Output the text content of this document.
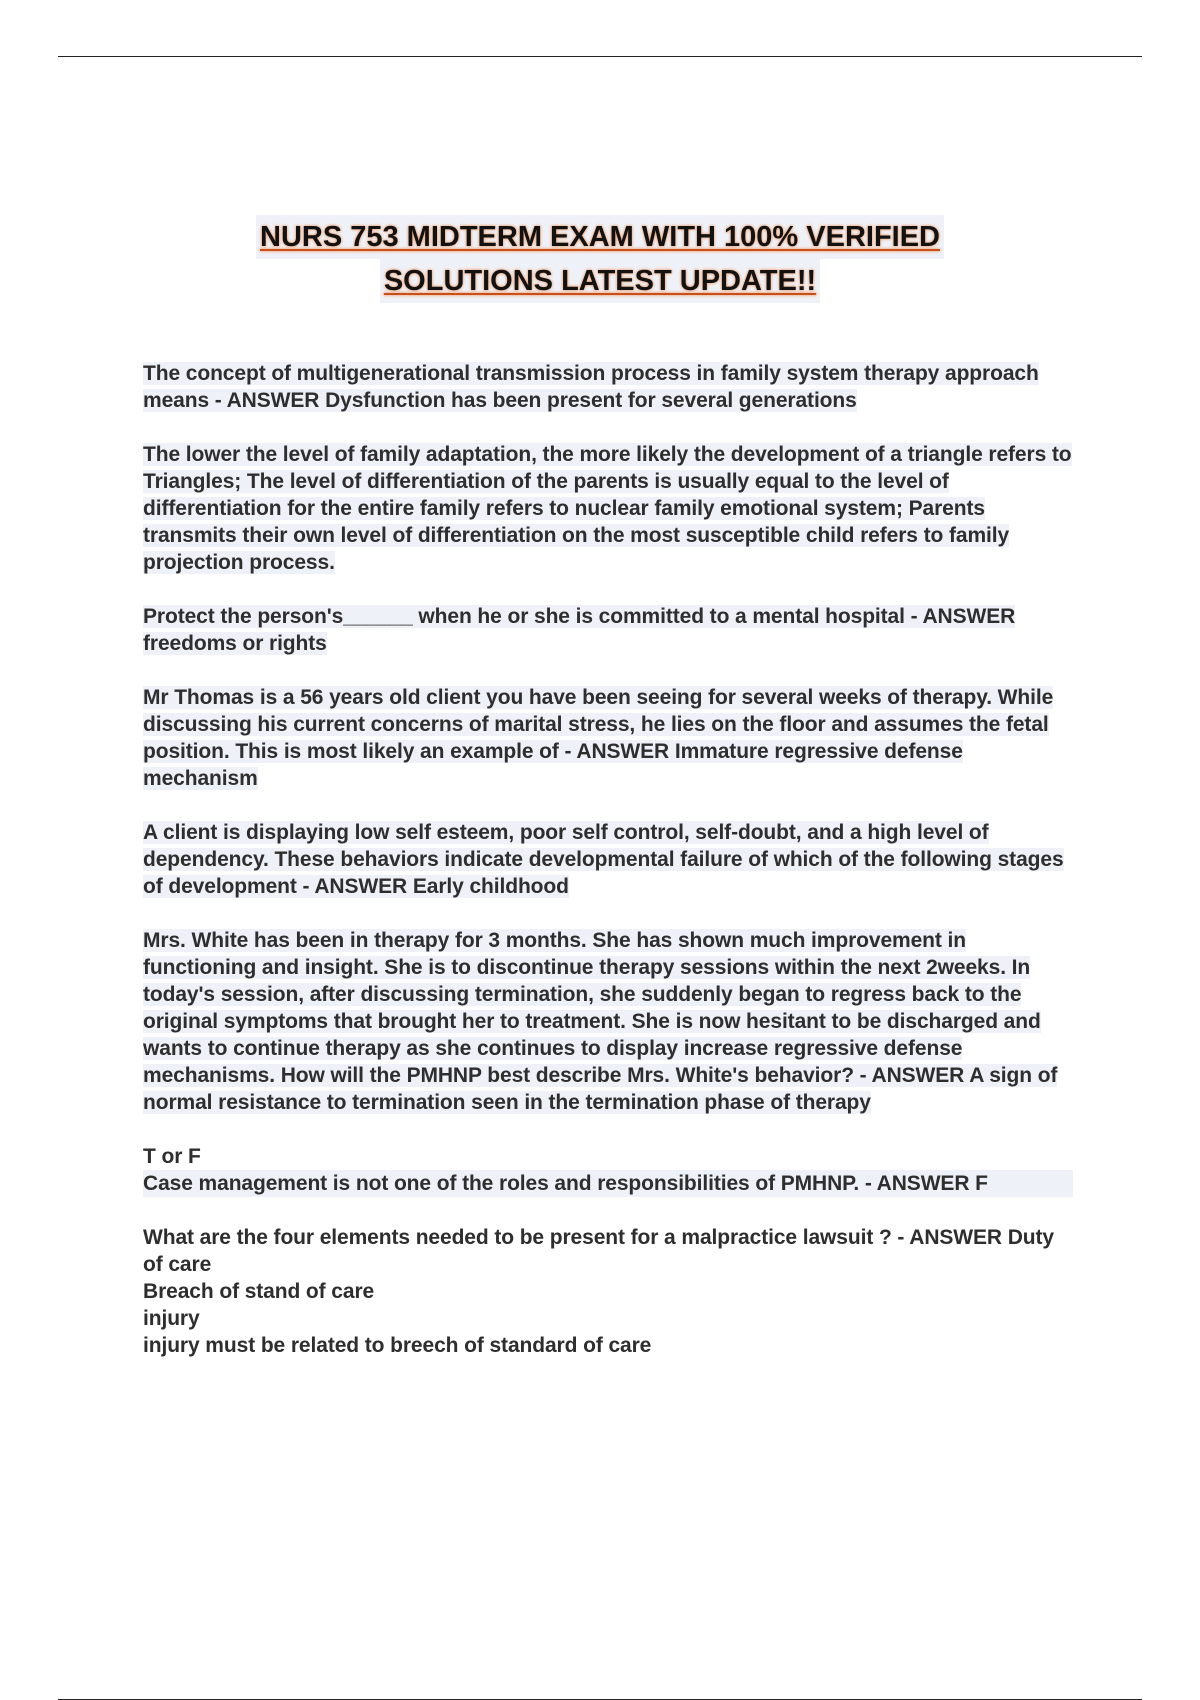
NURS 753 MIDTERM EXAM WITH 100% VERIFIED
SOLUTIONS LATEST UPDATE!!

The concept of multigenerational transmission process in family system therapy approach means - ANSWER Dysfunction has been present for several generations

The lower the level of family adaptation, the more likely the development of a triangle refers to Triangles; The level of differentiation of the parents is usually equal to the level of differentiation for the entire family refers to nuclear family emotional system; Parents transmits their own level of differentiation on the most susceptible child refers to family projection process.

Protect the person's______ when he or she is committed to a mental hospital - ANSWER freedoms or rights

Mr Thomas is a 56 years old client you have been seeing for several weeks of therapy. While discussing his current concerns of marital stress, he lies on the floor and assumes the fetal position. This is most likely an example of - ANSWER Immature regressive defense mechanism

A client is displaying low self esteem, poor self control, self-doubt, and a high level of dependency. These behaviors indicate developmental failure of which of the following stages of development - ANSWER Early childhood

Mrs. White has been in therapy for 3 months. She has shown much improvement in functioning and insight. She is to discontinue therapy sessions within the next 2weeks. In today's session, after discussing termination, she suddenly began to regress back to the original symptoms that brought her to treatment. She is now hesitant to be discharged and wants to continue therapy as she continues to display increase regressive defense mechanisms. How will the PMHNP best describe Mrs. White's behavior? - ANSWER A sign of normal resistance to termination seen in the termination phase of therapy

T or F
Case management is not one of the roles and responsibilities of PMHNP. - ANSWER F

What are the four elements needed to be present for a malpractice lawsuit ? - ANSWER Duty of care
Breach of stand of care
injury
injury must be related to breech of standard of care
